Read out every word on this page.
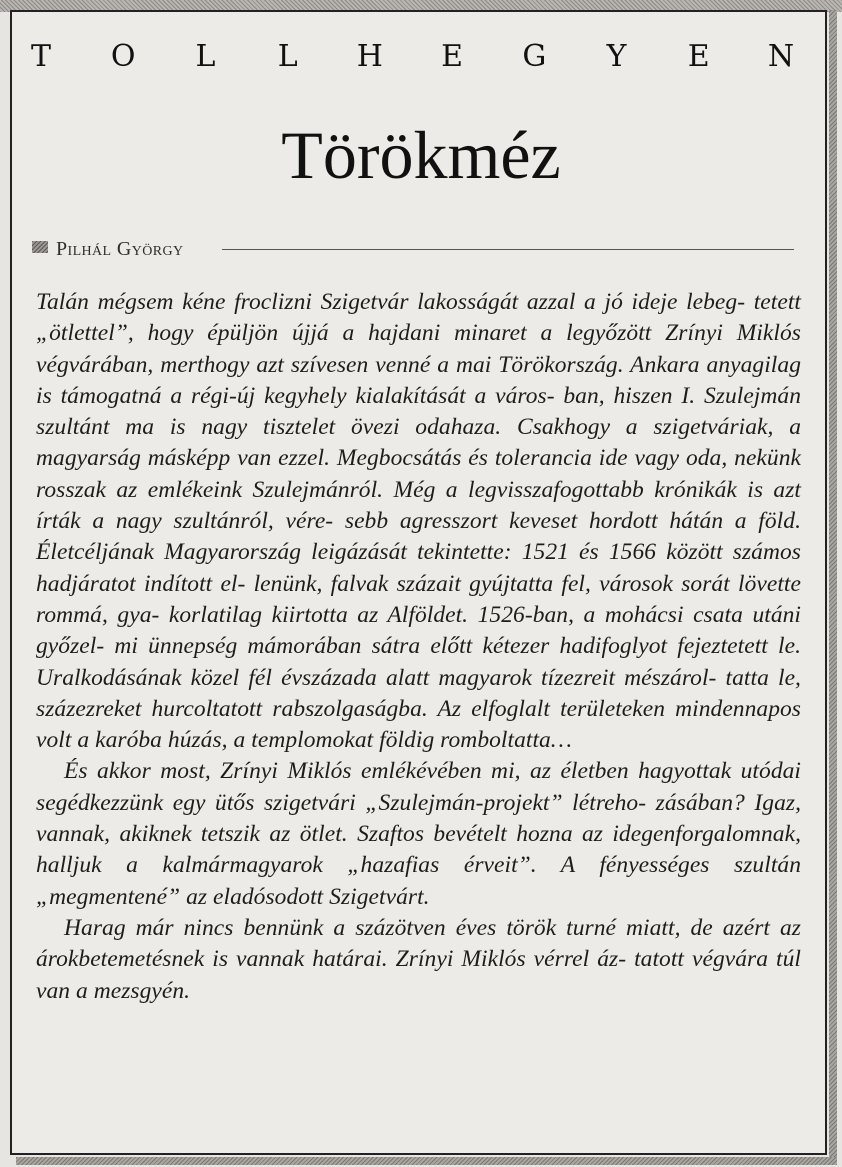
T O L L H E G Y E N
Törökméz
Pilhál György

Talán mégsem kéne froclizni Szigetvár lakosságát azzal a jó ideje lebeg- tetett „ötlettel”, hogy épüljön újjá a hajdani minaret a legyőzött Zrínyi Miklós végvárában, merthogy azt szívesen venné a mai Törökország. Ankara anyagilag is támogatná a régi-új kegyhely kialakítását a város- ban, hiszen I. Szulejmán szultánt ma is nagy tisztelet övezi odahaza. Csakhogy a szigetváriak, a magyarság másképp van ezzel. Megbocsátás és tolerancia ide vagy oda, nekünk rosszak az emlékeink Szulejmánról. Még a legvisszafogottabb krónikák is azt írták a nagy szultánról, vére- sebb agresszort keveset hordott hátán a föld. Életcéljának Magyarország leigázását tekintette: 1521 és 1566 között számos hadjáratot indított el- lenünk, falvak százait gyújtatta fel, városok sorát lövette rommá, gya- korlatilag kiirtotta az Alföldet. 1526-ban, a mohácsi csata utáni győzel- mi ünnepség mámorában sátra előtt kétezer hadifoglyot fejeztetett le. Uralkodásának közel fél évszázada alatt magyarok tízezreit mészárol- tatta le, százezreket hurcoltatott rabszolgaságba. Az elfoglalt területeken mindennapos volt a karóba húzás, a templomokat földig romboltatta…

És akkor most, Zrínyi Miklós emlékévében mi, az életben hagyottak utódai segédkezzünk egy ütős szigetvári „Szulejmán-projekt” létreho- zásában? Igaz, vannak, akiknek tetszik az ötlet. Szaftos bevételt hozna az idegenforgalomnak, halljuk a kalmármagyarok „hazafias érveit”. A fényességes szultán „megmentené” az eladósodott Szigetvárt.

Harag már nincs bennünk a százötven éves török turné miatt, de azért az árokbetemetésnek is vannak határai. Zrínyi Miklós vérrel áz- tatott végvára túl van a mezsgyén.
